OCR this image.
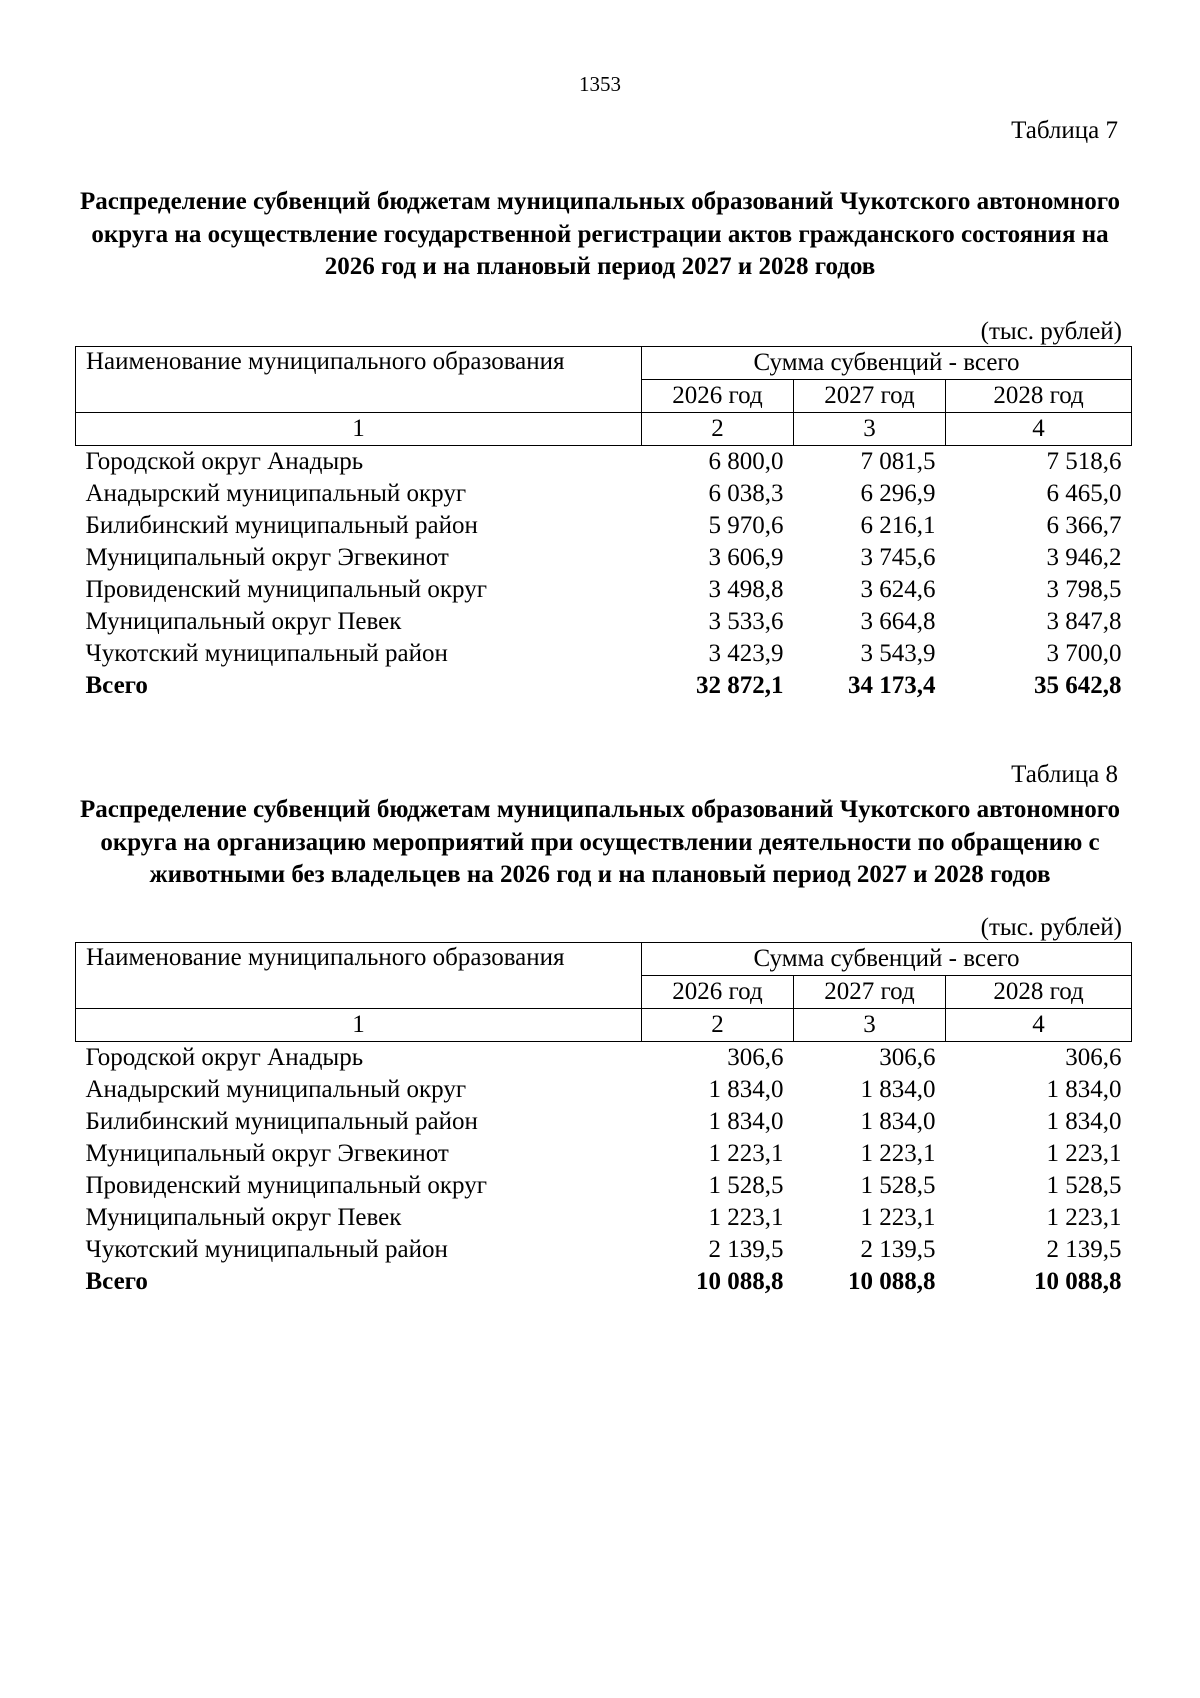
1353
Таблица 7
Распределение субвенций бюджетам муниципальных образований Чукотского автономного округа на осуществление государственной регистрации актов гражданского состояния на 2026 год и на плановый период 2027 и 2028 годов
(тыс. рублей)
Наименование муниципального образования	Сумма субвенций - всего		
	2026 год	2027 год	2028 год
1	2	3	4
Городской округ Анадырь	6 800,0	7 081,5	7 518,6
Анадырский муниципальный округ	6 038,3	6 296,9	6 465,0
Билибинский муниципальный район	5 970,6	6 216,1	6 366,7
Муниципальный округ Эгвекинот	3 606,9	3 745,6	3 946,2
Провиденский муниципальный округ	3 498,8	3 624,6	3 798,5
Муниципальный округ Певек	3 533,6	3 664,8	3 847,8
Чукотский муниципальный район	3 423,9	3 543,9	3 700,0
Всего	32 872,1	34 173,4	35 642,8
Таблица 8
Распределение субвенций бюджетам муниципальных образований Чукотского автономного округа на организацию мероприятий при осуществлении деятельности по обращению с животными без владельцев на 2026 год и на плановый период 2027 и 2028 годов
(тыс. рублей)
Наименование муниципального образования	Сумма субвенций - всего		
	2026 год	2027 год	2028 год
1	2	3	4
Городской округ Анадырь	306,6	306,6	306,6
Анадырский муниципальный округ	1 834,0	1 834,0	1 834,0
Билибинский муниципальный район	1 834,0	1 834,0	1 834,0
Муниципальный округ Эгвекинот	1 223,1	1 223,1	1 223,1
Провиденский муниципальный округ	1 528,5	1 528,5	1 528,5
Муниципальный округ Певек	1 223,1	1 223,1	1 223,1
Чукотский муниципальный район	2 139,5	2 139,5	2 139,5
Всего	10 088,8	10 088,8	10 088,8
